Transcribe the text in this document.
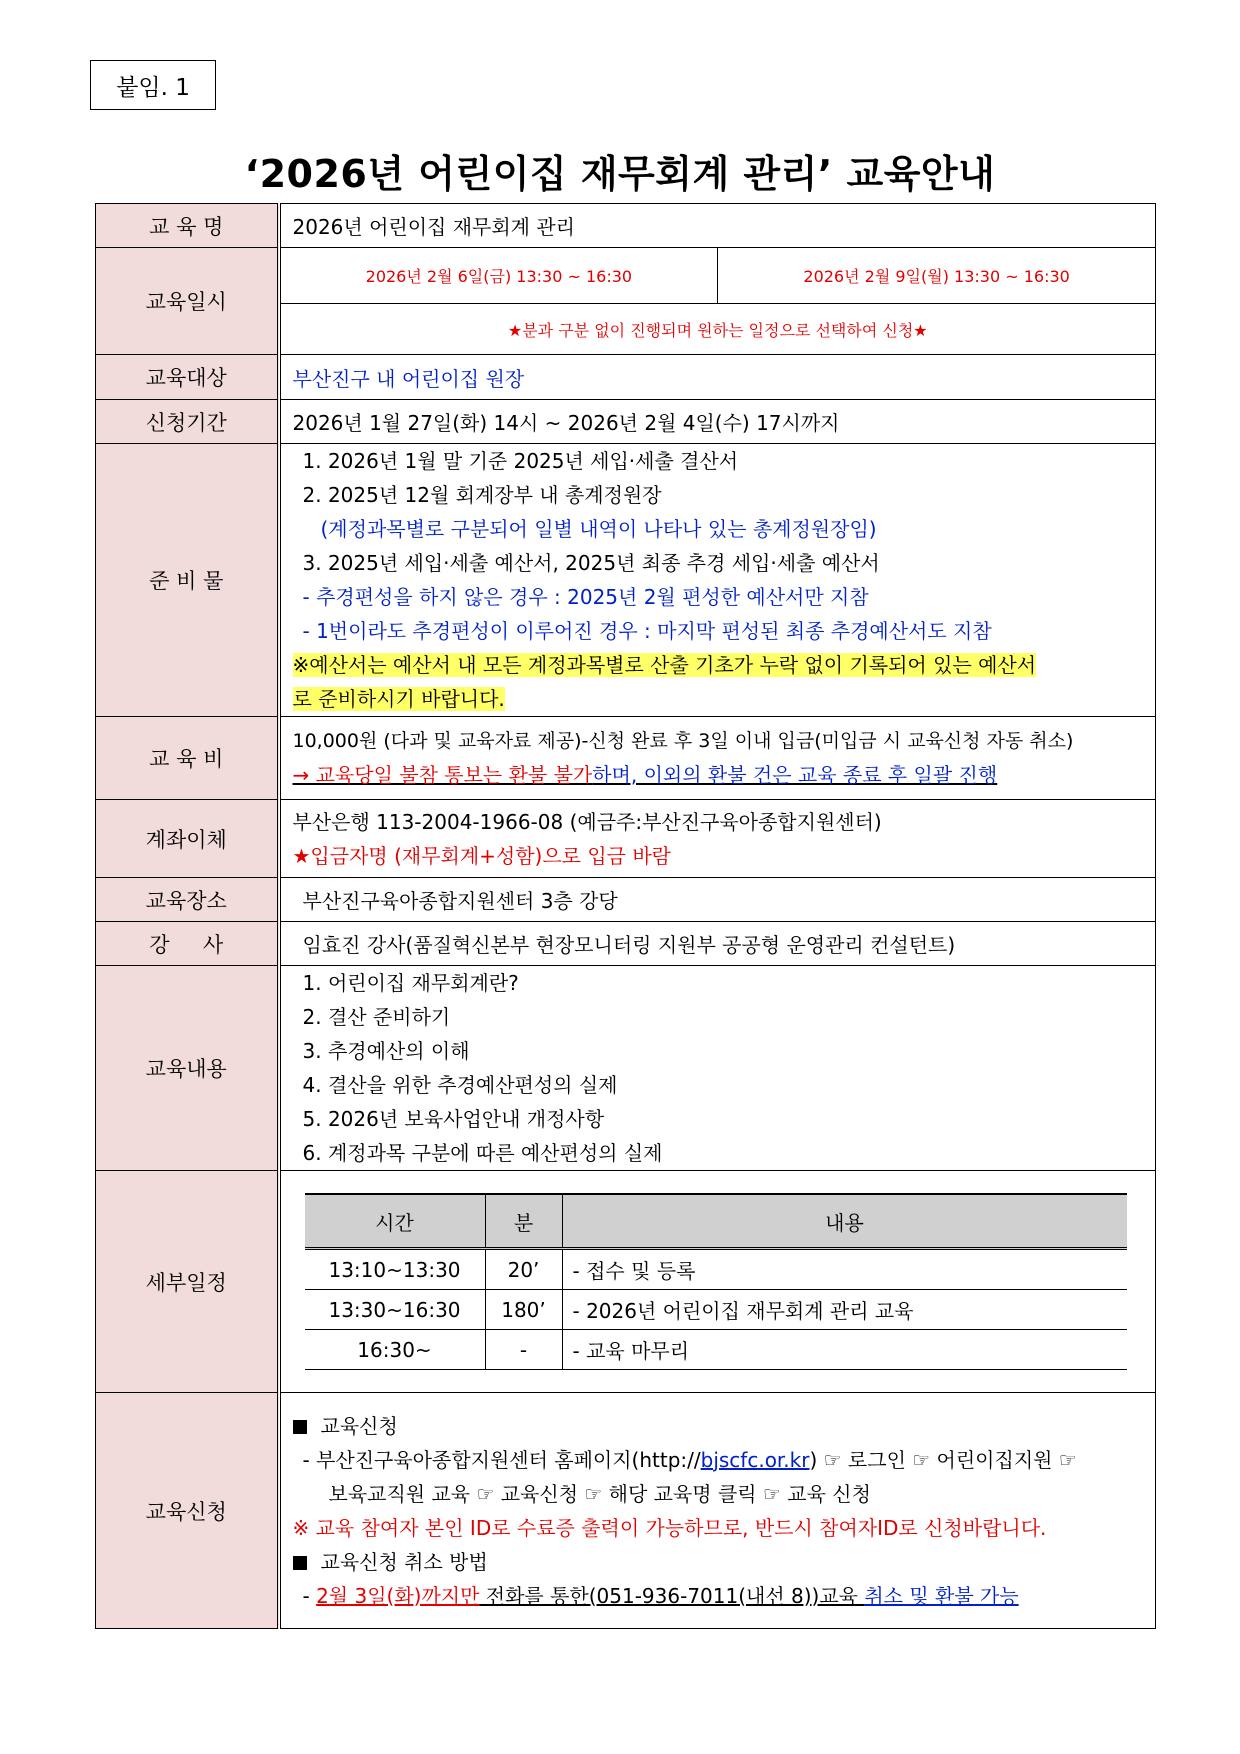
붙임. 1
‘2026년 어린이집 재무회계 관리’ 교육안내
교 육 명	2026년 어린이집 재무회계 관리
교육일시	
2026년 2월 6일(금) 13:30 ~ 16:30	2026년 2월 9일(월) 13:30 ~ 16:30
★분과 구분 없이 진행되며 원하는 일정으로 선택하여 신청★

교육대상	부산진구 내 어린이집 원장
신청기간	2026년 1월 27일(화) 14시 ~ 2026년 2월 4일(수) 17시까지
준 비 물	
1. 2026년 1월 말 기준 2025년 세입·세출 결산서
2. 2025년 12월 회계장부 내 총계정원장
(계정과목별로 구분되어 일별 내역이 나타나 있는 총계정원장임)
3. 2025년 세입·세출 예산서, 2025년 최종 추경 세입·세출 예산서
- 추경편성을 하지 않은 경우 : 2025년 2월 편성한 예산서만 지참
- 1번이라도 추경편성이 이루어진 경우 : 마지막 편성된 최종 추경예산서도 지참
※예산서는 예산서 내 모든 계정과목별로 산출 기초가 누락 없이 기록되어 있는 예산서
로 준비하시기 바랍니다.

교 육 비	
10,000원 (다과 및 교육자료 제공)-신청 완료 후 3일 이내 입금(미입금 시 교육신청 자동 취소)
→ 교육당일 불참 통보는 환불 불가하며, 이외의 환불 건은 교육 종료 후 일괄 진행

계좌이체	
부산은행 113-2004-1966-08 (예금주:부산진구육아종합지원센터)
★입금자명 (재무회계+성함)으로 입금 바람

교육장소	부산진구육아종합지원센터 3층 강당
강     사	임효진 강사(품질혁신본부 현장모니터링 지원부 공공형 운영관리 컨설턴트)
교육내용	
1. 어린이집 재무회계란?
2. 결산 준비하기
3. 추경예산의 이해
4. 결산을 위한 추경예산편성의 실제
5. 2026년 보육사업안내 개정사항
6. 계정과목 구분에 따른 예산편성의 실제

세부일정	
시간	분	내용
13:10~13:30	20’	- 접수 및 등록
13:30~16:30	180’	- 2026년 어린이집 재무회계 관리 교육
16:30~	-	- 교육 마무리

교육신청	
교육신청
- 부산진구육아종합지원센터 홈페이지(http://bjscfc.or.kr) ☞ 로그인 ☞ 어린이집지원 ☞
보육교직원 교육 ☞ 교육신청 ☞ 해당 교육명 클릭 ☞ 교육 신청
※ 교육 참여자 본인 ID로 수료증 출력이 가능하므로, 반드시 참여자ID로 신청바랍니다.
교육신청 취소 방법
- 2월 3일(화)까지만 전화를 통한(051-936-7011(내선 8))교육 취소 및 환불 가능
